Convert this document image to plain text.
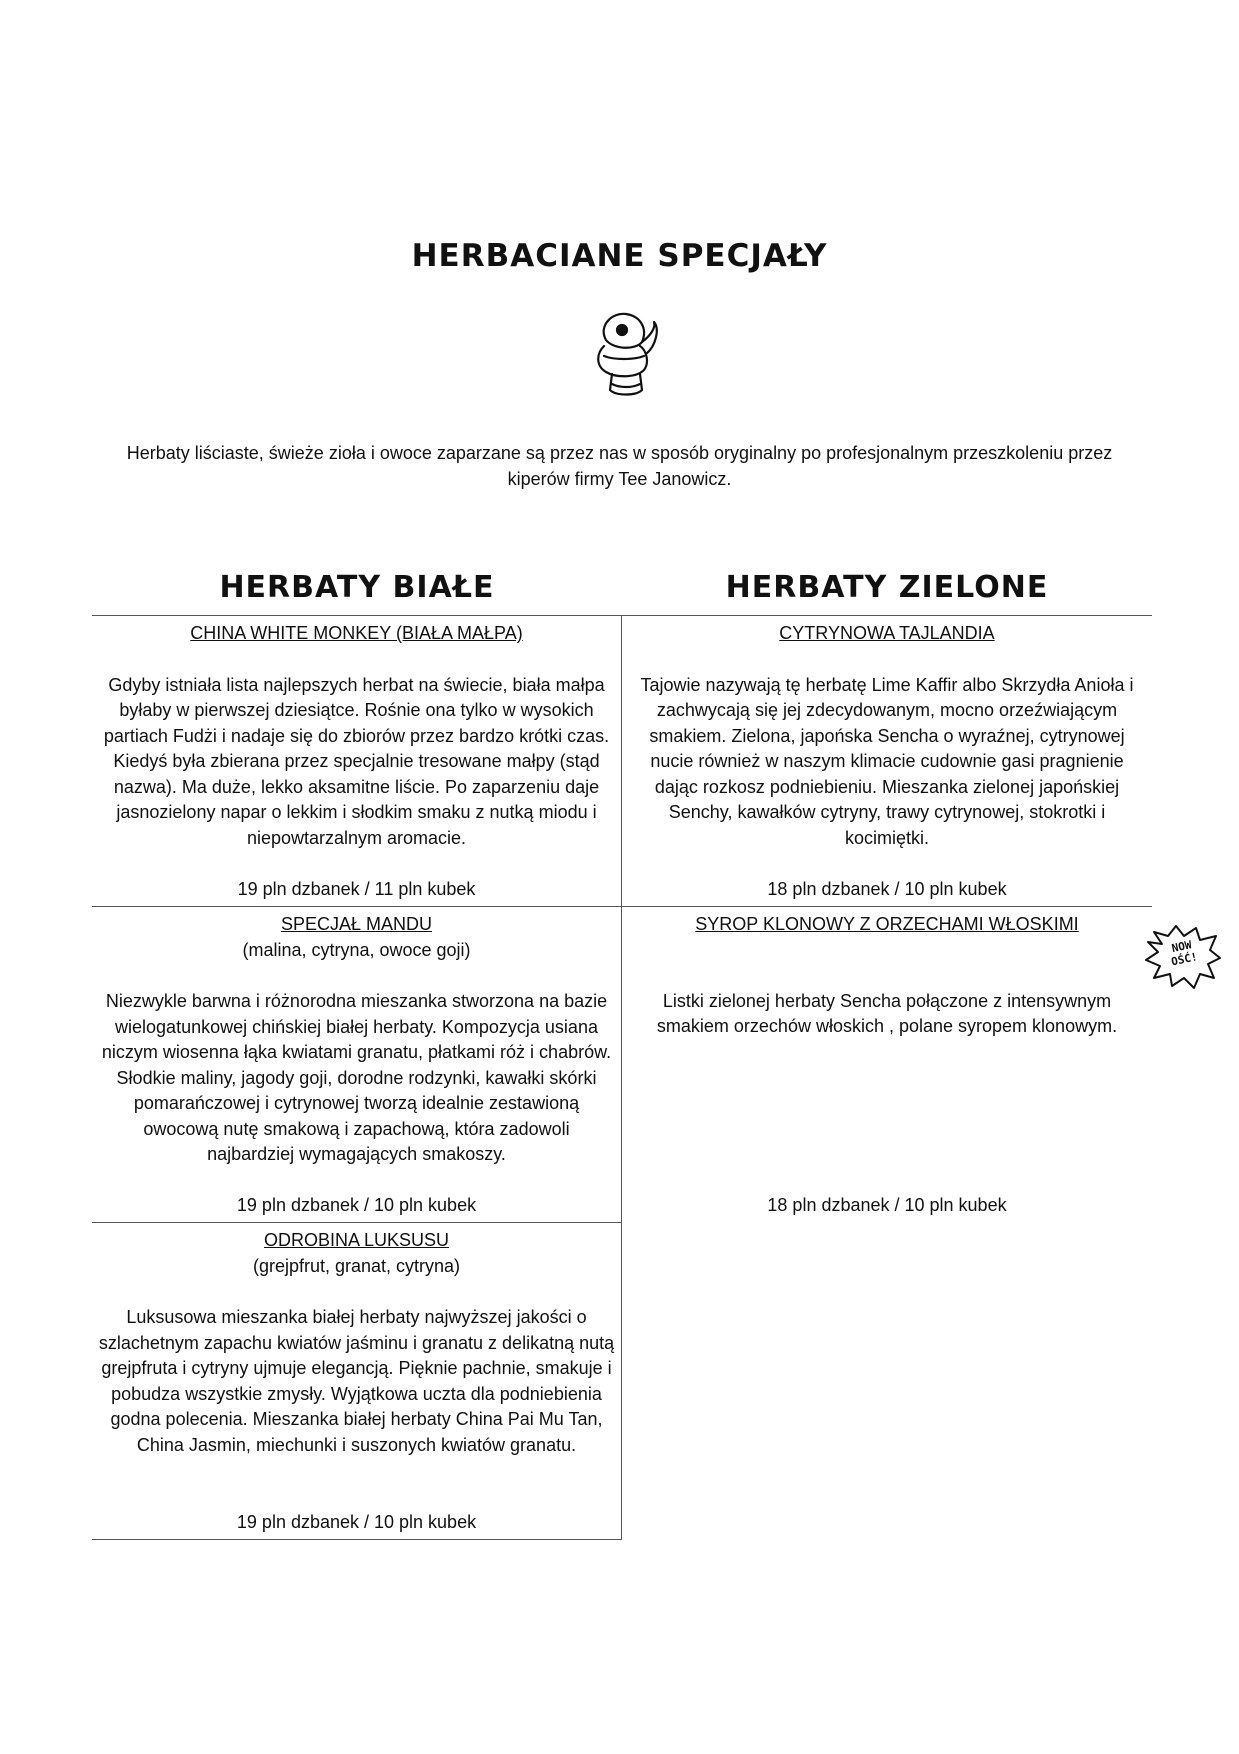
HERBACIANE SPECJAŁY
Herbaty liściaste, świeże zioła i owoce zaparzane są przez nas w sposób oryginalny po profesjonalnym przeszkoleniu przez kiperów firmy Tee Janowicz.
HERBATY BIAŁE	HERBATY ZIELONE
CHINA WHITE MONKEY (BIAŁA MAŁPA)
Gdyby istniała lista najlepszych herbat na świecie, biała małpa byłaby w pierwszej dziesiątce. Rośnie ona tylko w wysokich partiach Fudżi i nadaje się do zbiorów przez bardzo krótki czas. Kiedyś była zbierana przez specjalnie tresowane małpy (stąd nazwa). Ma duże, lekko aksamitne liście. Po zaparzeniu daje jasnozielony napar o lekkim i słodkim smaku z nutką miodu i niepowtarzalnym aromacie.
19 pln dzbanek / 11 pln kubek
CYTRYNOWA TAJLANDIA
Tajowie nazywają tę herbatę Lime Kaffir albo Skrzydła Anioła i zachwycają się jej zdecydowanym, mocno orzeźwiającym smakiem. Zielona, japońska Sencha o wyraźnej, cytrynowej nucie również w naszym klimacie cudownie gasi pragnienie dając rozkosz podniebieniu. Mieszanka zielonej japońskiej Senchy, kawałków cytryny, trawy cytrynowej, stokrotki i kocimiętki.
18 pln dzbanek / 10 pln kubek
SPECJAŁ MANDU
(malina, cytryna, owoce goji)
Niezwykle barwna i różnorodna mieszanka stworzona na bazie wielogatunkowej chińskiej białej herbaty. Kompozycja usiana niczym wiosenna łąka kwiatami granatu, płatkami róż i chabrów. Słodkie maliny, jagody goji, dorodne rodzynki, kawałki skórki pomarańczowej i cytrynowej tworzą idealnie zestawioną owocową nutę smakową i zapachową, która zadowoli najbardziej wymagających smakoszy.
19 pln dzbanek / 10 pln kubek
SYROP KLONOWY Z ORZECHAMI WŁOSKIMI
Listki zielonej herbaty Sencha połączone z intensywnym smakiem orzechów włoskich , polane syropem klonowym.
18 pln dzbanek / 10 pln kubek
ODROBINA LUKSUSU
(grejpfrut, granat, cytryna)
Luksusowa mieszanka białej herbaty najwyższej jakości o szlachetnym zapachu kwiatów jaśminu i granatu z delikatną nutą grejpfruta i cytryny ujmuje elegancją. Pięknie pachnie, smakuje i pobudza wszystkie zmysły. Wyjątkowa uczta dla podniebienia godna polecenia. Mieszanka białej herbaty China Pai Mu Tan, China Jasmin, miechunki i suszonych kwiatów granatu.
19 pln dzbanek / 10 pln kubek
NOW
OŚĆ!
